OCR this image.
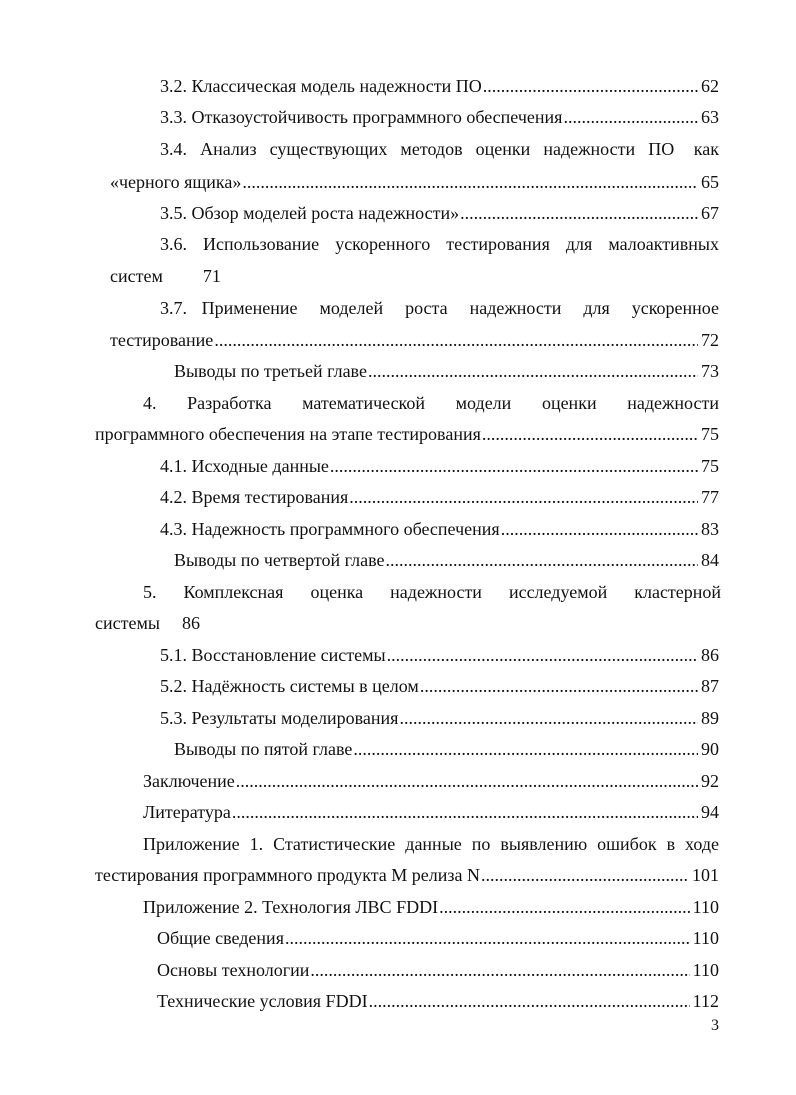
3.2. Классическая модель надежности ПО .....	62
3.3. Отказоустойчивость программного обеспечения .....	63
3.4.  Анализ  существующих  методов  оценки  надежности  ПО   как
«черного ящика» .....	65
3.5. Обзор моделей роста надежности» .....	67
3.6.  Использование  ускоренного  тестирования  для  малоактивных
систем 71
3.7.  Применение   моделей   роста   надежности   для   ускоренное
тестирование .....	72
Выводы по третьей главе .....	73
4.      Разработка      математической      модели      оценки      надежности
программного обеспечения на этапе тестирования .....	75
4.1. Исходные данные .....	75
4.2. Время тестирования .....	77
4.3. Надежность программного обеспечения .....	83
Выводы по четвертой главе .....	84
5.      Комплексная      оценка      надежности      исследуемой      кластерной
системы 86
5.1. Восстановление системы .....	86
5.2. Надёжность системы в целом .....	87
5.3. Результаты моделирования .....	89
Выводы по пятой главе .....	90
Заключение .....	92
Литература .....	94
Приложение 1. Статистические данные по выявлению ошибок в ходе
тестирования программного продукта M релиза N .....	101
Приложение 2. Технология ЛВС FDDI .....	110
Общие сведения .....	110
Основы технологии .....	110
Технические условия FDDI .....	112
3
